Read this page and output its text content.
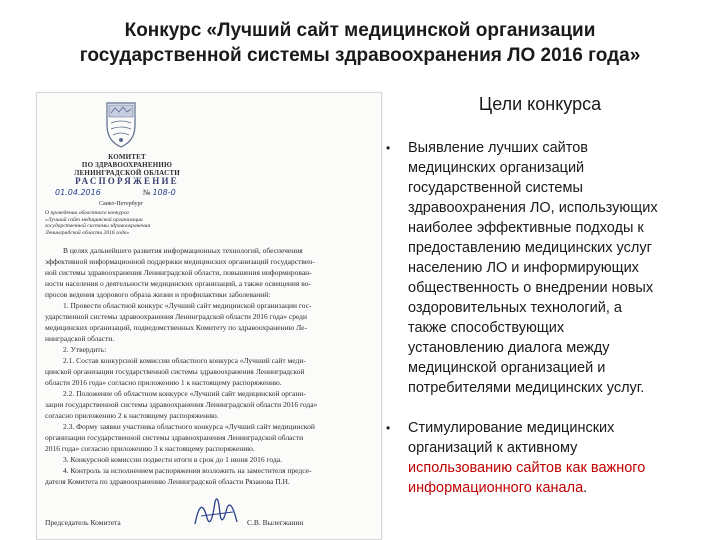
Конкурс «Лучший сайт медицинской организации
государственной системы здравоохранения ЛО 2016 года»
КОМИТЕТ
ПО ЗДРАВООХРАНЕНИЮ
ЛЕНИНГРАДСКОЙ ОБЛАСТИ
РАСПОРЯЖЕНИЕ
01.04.2016	№ 108-0
Санкт-Петербург
О проведении областного конкурса
«Лучший сайт медицинской организации
государственной системы здравоохранения
Ленинградской области 2016 года»

В целях дальнейшего развития информационных технологий, обеспечения

эффективной информационной поддержки медицинских организаций государствен-

ной системы здравоохранения Ленинградской области, повышения информирован-

ности населения о деятельности медицинских организаций, а также освещения во-

просов ведения здорового образа жизни и профилактики заболеваний:

1. Провести областной конкурс «Лучший сайт медицинской организации гос-

ударственной системы здравоохранения Ленинградской области 2016 года» среди

медицинских организаций, подведомственных Комитету по здравоохранению Ле-

нинградской области.

2. Утвердить:

2.1. Состав конкурсной комиссии областного конкурса «Лучший сайт меди-

цинской организации государственной системы здравоохранения Ленинградской

области 2016 года» согласно приложению 1 к настоящему распоряжению.

2.2. Положение об областном конкурсе «Лучший сайт медицинской органи-

зации государственной системы здравоохранения Ленинградской области 2016 года»

согласно приложению 2 к настоящему распоряжению.

2.3. Форму заявки участника областного конкурса «Лучший сайт медицинской

организации государственной системы здравоохранения Ленинградской области

2016 года» согласно приложению 3 к настоящему распоряжению.

3. Конкурсной комиссии подвести итоги в срок до 1 июня 2016 года.

4. Контроль за исполнением распоряжения возложить на заместителя предсе-

дателя Комитета по здравоохранению Ленинградской области Рязанова П.Н.

Председатель Комитета	С.В. Вылегжанин
Цели конкурса
• Выявление лучших сайтов
медицинских организаций
государственной системы
здравоохранения ЛО, использующих
наиболее эффективные подходы к
предоставлению медицинских услуг
населению ЛО и информирующих
общественность о внедрении новых
оздоровительных технологий, а
также способствующих
установлению диалога между
медицинской организацией и
потребителями медицинских услуг.
• Стимулирование медицинских
организаций к активному
использованию сайтов как важного
информационного канала.
